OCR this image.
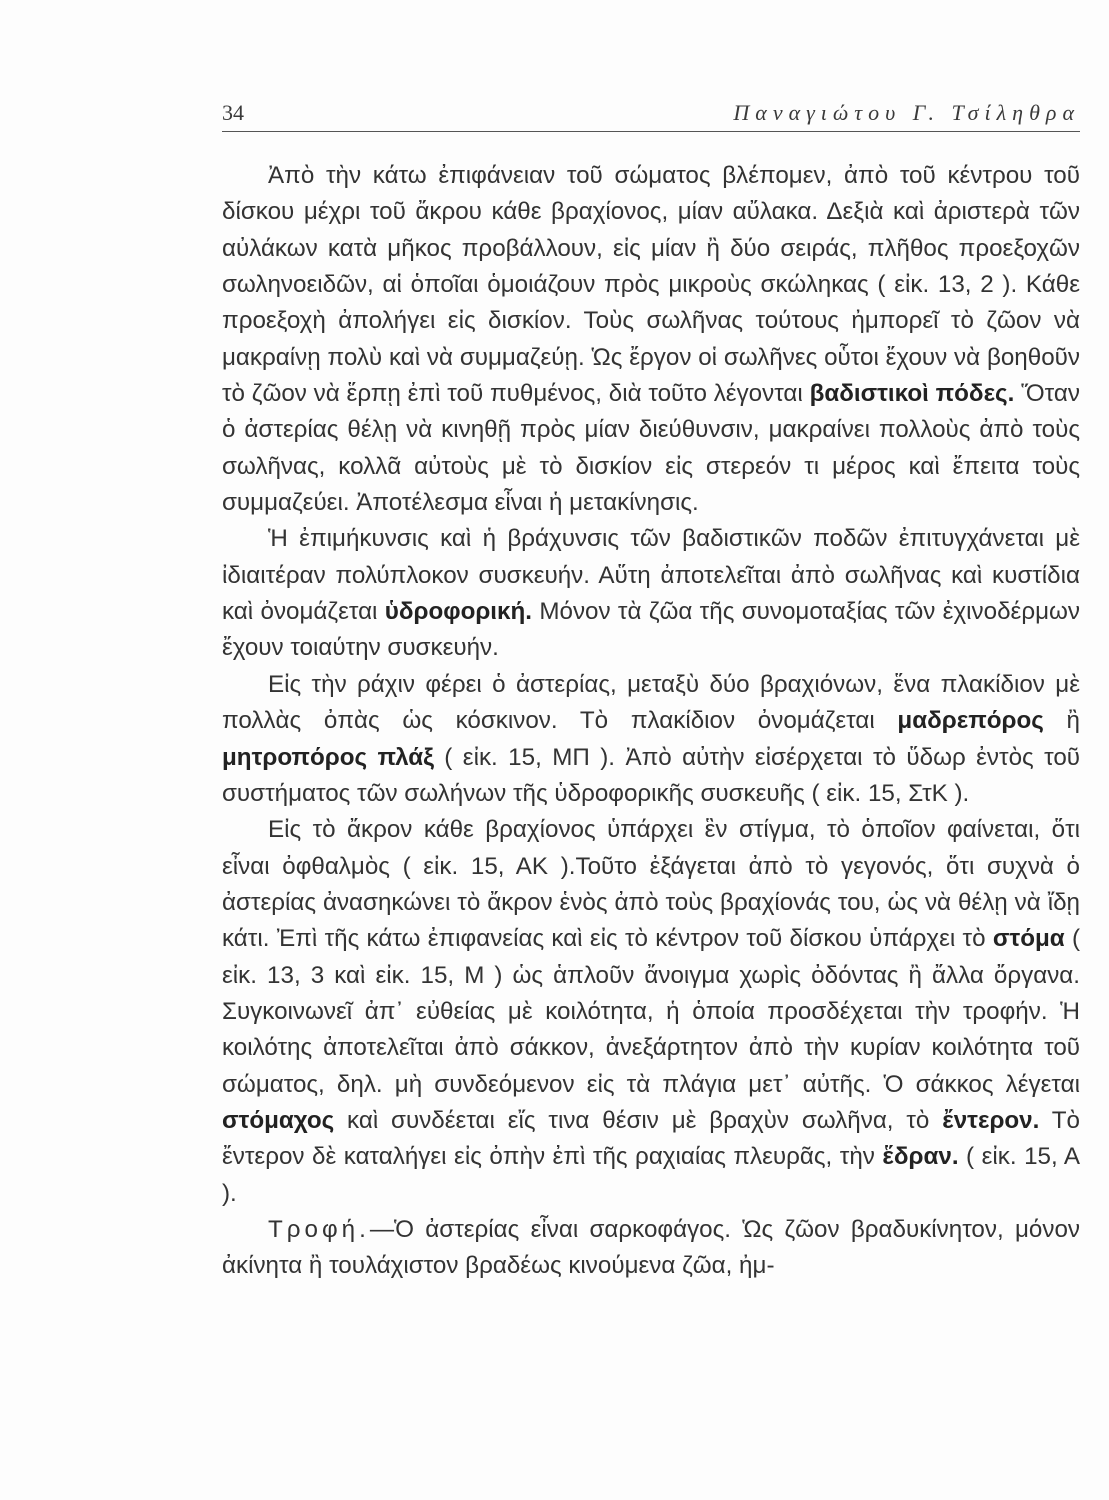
34	Παναγιώτου Γ. Τσίληθρα

Ἀπὸ τὴν κάτω ἐπιφάνειαν τοῦ σώματος βλέπομεν, ἀπὸ τοῦ κέντρου τοῦ δίσκου μέχρι τοῦ ἄκρου κάθε βραχίονος, μίαν αὔλακα. Δεξιὰ καὶ ἀριστερὰ τῶν αὐλάκων κατὰ μῆκος προβάλλουν, εἰς μίαν ἢ δύο σειράς, πλῆθος προεξοχῶν σωληνοειδῶν, αἱ ὁποῖαι ὁμοιάζουν πρὸς μικροὺς σκώληκας ( εἰκ. 13, 2 ). Κάθε προεξοχὴ ἀπολήγει εἰς δισκίον. Τοὺς σωλῆνας τούτους ἠμπορεῖ τὸ ζῶον νὰ μακραίνῃ πολὺ καὶ νὰ συμμαζεύῃ. Ὡς ἔργον οἱ σωλῆνες οὗτοι ἔχουν νὰ βοηθοῦν τὸ ζῶον νὰ ἕρπῃ ἐπὶ τοῦ πυθμένος, διὰ τοῦτο λέγονται βαδιστικοὶ πόδες. Ὅταν ὁ ἀστερίας θέλῃ νὰ κινηθῇ πρὸς μίαν διεύθυνσιν, μακραίνει πολλοὺς ἀπὸ τοὺς σωλῆνας, κολλᾶ αὐτοὺς μὲ τὸ δισκίον εἰς στερεόν τι μέρος καὶ ἔπειτα τοὺς συμμαζεύει. Ἀποτέλεσμα εἶναι ἡ μετακίνησις.

Ἡ ἐπιμήκυνσις καὶ ἡ βράχυνσις τῶν βαδιστικῶν ποδῶν ἐπιτυγχάνεται μὲ ἰδιαιτέραν πολύπλοκον συσκευήν. Αὕτη ἀποτελεῖται ἀπὸ σωλῆνας καὶ κυστίδια καὶ ὀνομάζεται ὑδροφορική. Μόνον τὰ ζῶα τῆς συνομοταξίας τῶν ἐχινοδέρμων ἔχουν τοιαύτην συσκευήν.

Εἰς τὴν ράχιν φέρει ὁ ἀστερίας, μεταξὺ δύο βραχιόνων, ἕνα πλακίδιον μὲ πολλὰς ὀπὰς ὡς κόσκινον. Τὸ πλακίδιον ὀνομάζεται μαδρεπόρος ἢ μητροπόρος πλάξ ( εἰκ. 15, ΜΠ ). Ἀπὸ αὐτὴν εἰσέρχεται τὸ ὕδωρ ἐντὸς τοῦ συστήματος τῶν σωλήνων τῆς ὑδροφορικῆς συσκευῆς ( εἰκ. 15, ΣτΚ ).

Εἰς τὸ ἄκρον κάθε βραχίονος ὑπάρχει ἓν στίγμα, τὸ ὁποῖον φαίνεται, ὅτι εἶναι ὀφθαλμὸς ( εἰκ. 15, ΑΚ ).Τοῦτο ἐξάγεται ἀπὸ τὸ γεγονός, ὅτι συχνὰ ὁ ἀστερίας ἀνασηκώνει τὸ ἄκρον ἑνὸς ἀπὸ τοὺς βραχίονάς του, ὡς νὰ θέλῃ νὰ ἴδῃ κάτι. Ἐπὶ τῆς κάτω ἐπιφανείας καὶ εἰς τὸ κέντρον τοῦ δίσκου ὑπάρχει τὸ στόμα ( εἰκ. 13, 3 καὶ εἰκ. 15, Μ ) ὡς ἁπλοῦν ἄνοιγμα χωρὶς ὀδόντας ἢ ἄλλα ὄργανα. Συγκοινωνεῖ ἀπ᾿ εὐθείας μὲ κοιλότητα, ἡ ὁποία προσδέχεται τὴν τροφήν. Ἡ κοιλότης ἀποτελεῖται ἀπὸ σάκκον, ἀνεξάρτητον ἀπὸ τὴν κυρίαν κοιλότητα τοῦ σώματος, δηλ. μὴ συνδεόμενον εἰς τὰ πλάγια μετ᾿ αὐτῆς. Ὁ σάκκος λέγεται στόμαχος καὶ συνδέεται εἴς τινα θέσιν μὲ βραχὺν σωλῆνα, τὸ ἔντερον. Τὸ ἔντερον δὲ καταλήγει εἰς ὀπὴν ἐπὶ τῆς ραχιαίας πλευρᾶς, τὴν ἕδραν. ( εἰκ. 15, Α ).

Τροφή.—Ὁ ἀστερίας εἶναι σαρκοφάγος. Ὡς ζῶον βραδυκίνητον, μόνον ἀκίνητα ἢ τουλάχιστον βραδέως κινούμενα ζῶα, ἠμ-
